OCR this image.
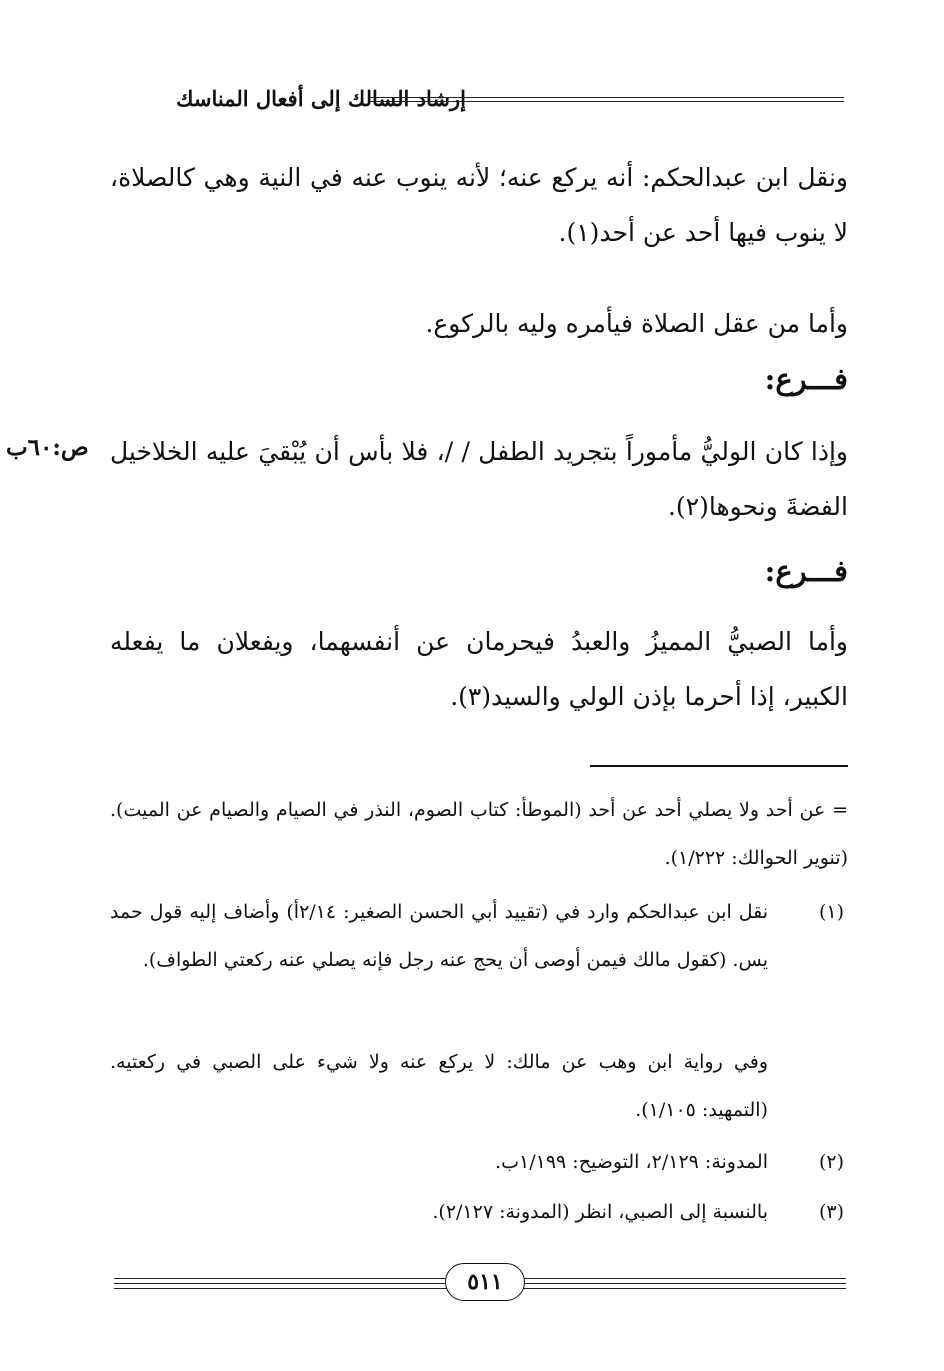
إرشاد السالك إلى أفعال المناسك

ونقل ابن عبدالحكم: أنه يركع عنه؛ لأنه ينوب عنه في النية وهي كالصلاة، لا ينوب فيها أحد عن أحد(١).

وأما من عقل الصلاة فيأمره وليه بالركوع.

فـــرع:

وإذا كان الوليُّ مأموراً بتجريد الطفل / /، فلا بأس أن يُبْقيَ عليه الخلاخيل الفضةَ ونحوها(٢).

ص:٦٠ب
فـــرع:

وأما الصبيُّ المميزُ والعبدُ فيحرمان عن أنفسهما، ويفعلان ما يفعله الكبير، إذا أحرما بإذن الولي والسيد(٣).

= عن أحد ولا يصلي أحد عن أحد (الموطأ: كتاب الصوم، النذر في الصيام والصيام عن الميت). (تنوير الحوالك: ١/٢٢٢).

(١)

نقل ابن عبدالحكم وارد في (تقييد أبي الحسن الصغير: ٢/١٤أ) وأضاف إليه قول حمد يس. (كقول مالك فيمن أوصى أن يحج عنه رجل فإنه يصلي عنه ركعتي الطواف).

وفي رواية ابن وهب عن مالك: لا يركع عنه ولا شيء على الصبي في ركعتيه. (التمهيد: ١/١٠٥).

(٢)

المدونة: ٢/١٢٩، التوضيح: ١/١٩٩ب.

(٣)

بالنسبة إلى الصبي، انظر (المدونة: ٢/١٢٧).

٥١١
